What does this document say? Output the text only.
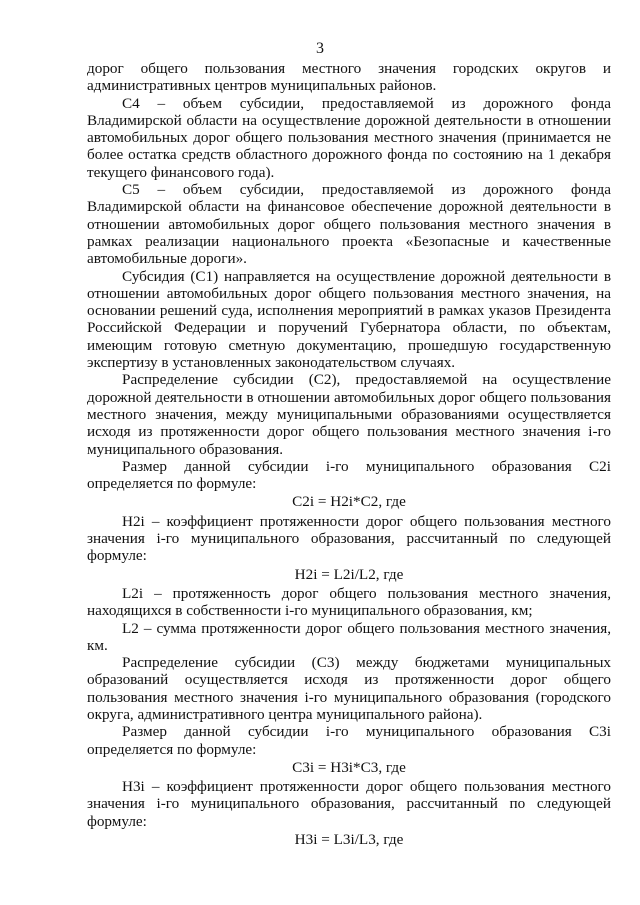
3

дорог общего пользования местного значения городских округов и административных центров муниципальных районов.

С4 – объем субсидии, предоставляемой из дорожного фонда Владимирской области на осуществление дорожной деятельности в отношении автомобильных дорог общего пользования местного значения (принимается не более остатка средств областного дорожного фонда по состоянию на 1 декабря текущего финансового года).

С5 – объем субсидии, предоставляемой из дорожного фонда Владимирской области на финансовое обеспечение дорожной деятельности в отношении автомобильных дорог общего пользования местного значения в рамках реализации национального проекта «Безопасные и качественные автомобильные дороги».

Субсидия (С1) направляется на осуществление дорожной деятельности в отношении автомобильных дорог общего пользования местного значения, на основании решений суда, исполнения мероприятий в рамках указов Президента Российской Федерации и поручений Губернатора области, по объектам, имеющим готовую сметную документацию, прошедшую государственную экспертизу в установленных законодательством случаях.

Распределение субсидии (С2), предоставляемой на осуществление дорожной деятельности в отношении автомобильных дорог общего пользования местного значения, между муниципальными образованиями осуществляется исходя из протяженности дорог общего пользования местного значения i-го муниципального образования.

Размер данной субсидии i-го муниципального образования С2i определяется по формуле:

С2i = Н2i*С2, где

Н2i – коэффициент протяженности дорог общего пользования местного значения i-го муниципального образования, рассчитанный по следующей формуле:

Н2i = L2i/L2, где

L2i – протяженность дорог общего пользования местного значения, находящихся в собственности i-го муниципального образования, км;

L2 – сумма протяженности дорог общего пользования местного значения, км.

Распределение субсидии (С3) между бюджетами муниципальных образований осуществляется исходя из протяженности дорог общего пользования местного значения i-го муниципального образования (городского округа, административного центра муниципального района).

Размер данной субсидии i-го муниципального образования С3i определяется по формуле:

С3i = Н3i*С3, где

Н3i – коэффициент протяженности дорог общего пользования местного значения i-го муниципального образования, рассчитанный по следующей формуле:

Н3i = L3i/L3, где
